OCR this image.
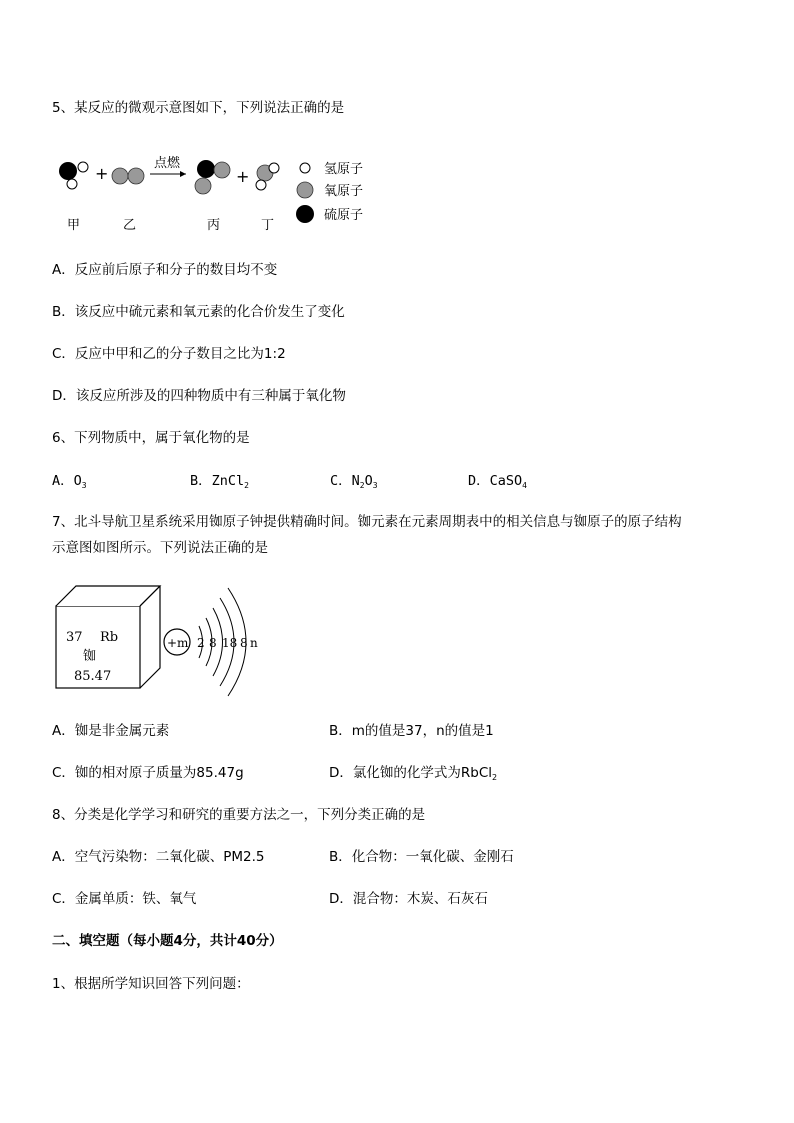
5、某反应的微观示意图如下，下列说法正确的是
+
点燃
+	氢原子
氧原子
硫原子
甲	乙	丙	丁
A．反应前后原子和分子的数目均不变
B．该反应中硫元素和氧元素的化合价发生了变化
C．反应中甲和乙的分子数目之比为1:2
D．该反应所涉及的四种物质中有三种属于氧化物
6、下列物质中，属于氧化物的是
A．$O_3$	B．ZnCl$_2$	C．$N_2O_3$	D．CaSO$_4$
7、北斗导航卫星系统采用铷原子钟提供精确时间。铷元素在元素周期表中的相关信息与铷原子的原子结构
示意图如图所示。下列说法正确的是
37 Rb
铷
85.47
+m 2 8 18 8 n
A．铷是非金属元素	B．m的值是37，n的值是1
C．铷的相对原子质量为85.47g	D．氯化铷的化学式为RbCl$_2$
8、分类是化学学习和研究的重要方法之一，下列分类正确的是
A．空气污染物：二氧化碳、PM2.5	B．化合物：一氧化碳、金刚石
C．金属单质：铁、氧气	D．混合物：木炭、石灰石
二、填空题（每小题4分，共计40分）
1、根据所学知识回答下列问题：
